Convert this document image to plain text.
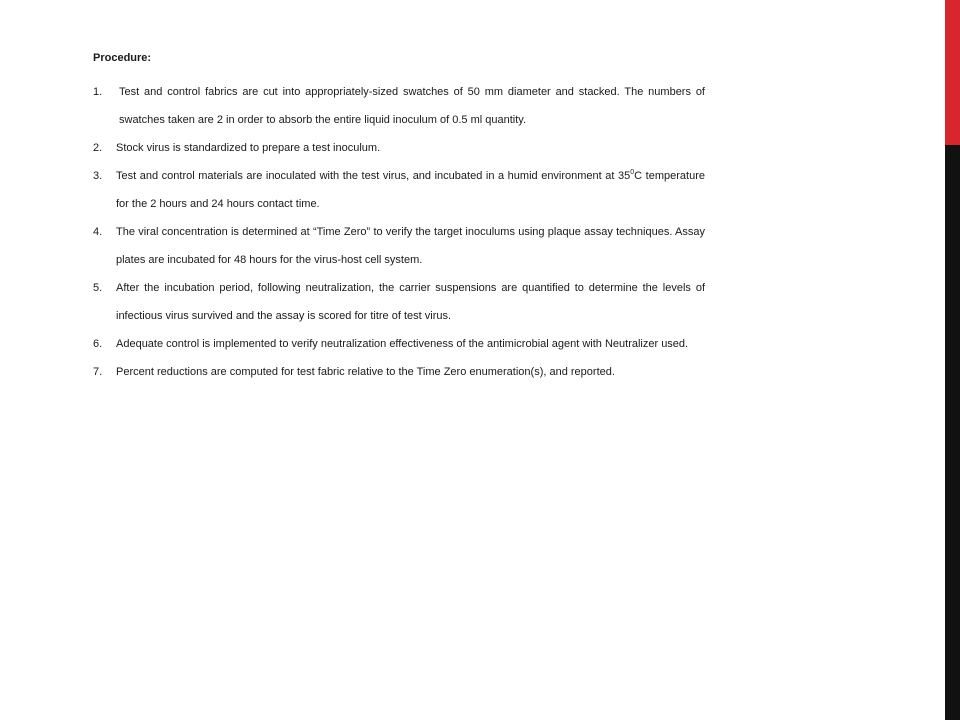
Procedure:
1.	Test and control fabrics are cut into appropriately-sized swatches of 50 mm diameter and stacked. The numbers of swatches taken are 2 in order to absorb the entire liquid inoculum of 0.5 ml quantity.
2.	Stock virus is standardized to prepare a test inoculum.
3.	Test and control materials are inoculated with the test virus, and incubated in a humid environment at $35^0C$ temperature for the 2 hours and 24 hours contact time.
4.	The viral concentration is determined at “Time Zero” to verify the target inoculums using plaque assay techniques. Assay plates are incubated for 48 hours for the virus-host cell system.
5.	After the incubation period, following neutralization, the carrier suspensions are quantified to determine the levels of infectious virus survived and the assay is scored for titre of test virus.
6.	Adequate control is implemented to verify neutralization effectiveness of the antimicrobial agent with Neutralizer used.
7.	Percent reductions are computed for test fabric relative to the Time Zero enumeration(s), and reported.
